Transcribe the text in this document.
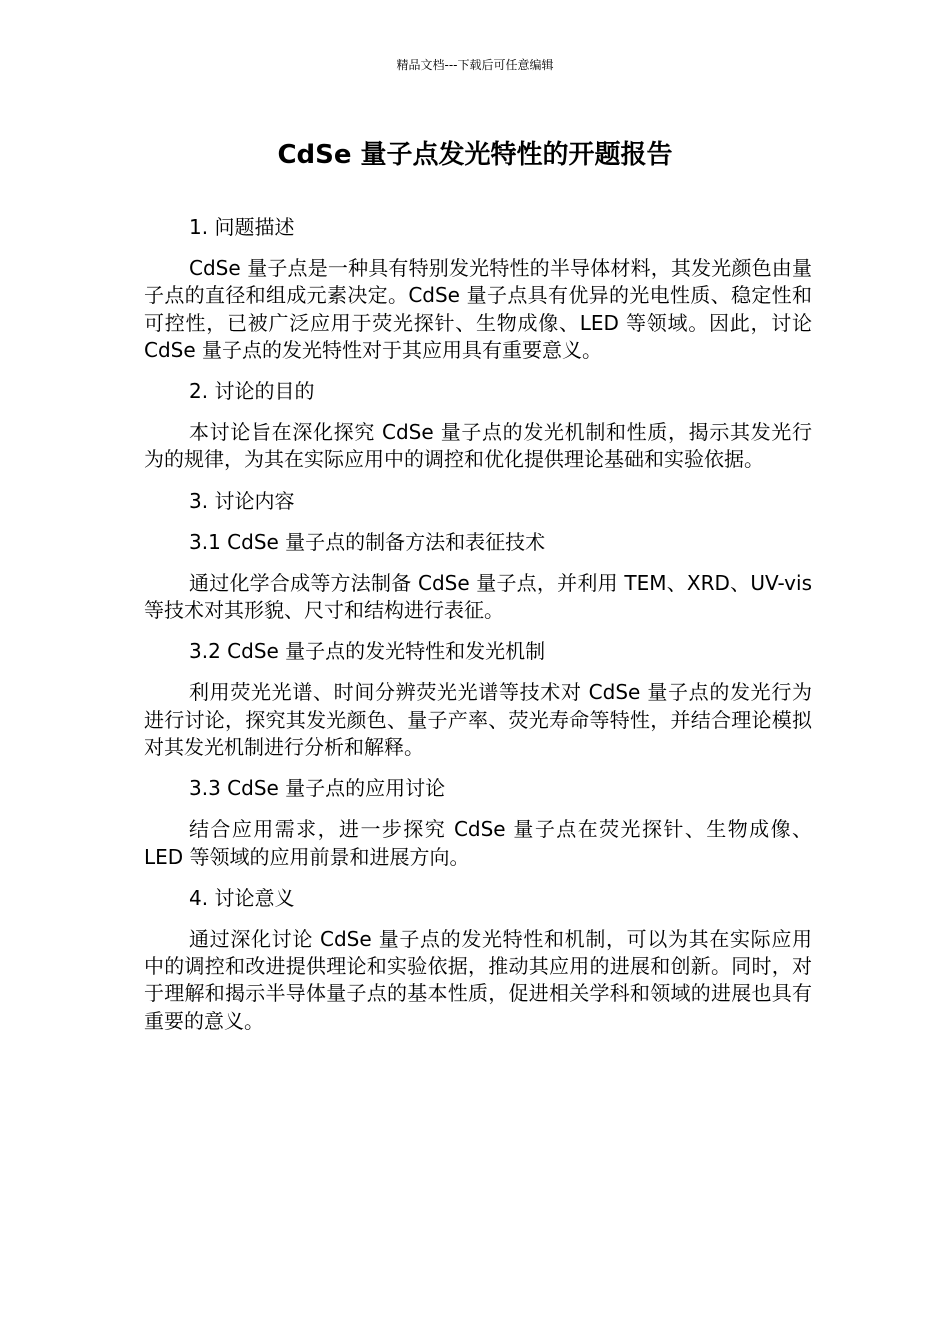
精品文档---下载后可任意编辑
CdSe 量子点发光特性的开题报告

1. 问题描述

CdSe 量子点是一种具有特别发光特性的半导体材料，其发光颜色由量子点的直径和组成元素决定。CdSe 量子点具有优异的光电性质、稳定性和可控性，已被广泛应用于荧光探针、生物成像、LED 等领域。因此，讨论 CdSe 量子点的发光特性对于其应用具有重要意义。

2. 讨论的目的

本讨论旨在深化探究 CdSe 量子点的发光机制和性质，揭示其发光行为的规律，为其在实际应用中的调控和优化提供理论基础和实验依据。

3. 讨论内容

3.1 CdSe 量子点的制备方法和表征技术

通过化学合成等方法制备 CdSe 量子点，并利用 TEM、XRD、UV-vis 等技术对其形貌、尺寸和结构进行表征。

3.2 CdSe 量子点的发光特性和发光机制

利用荧光光谱、时间分辨荧光光谱等技术对 CdSe 量子点的发光行为进行讨论，探究其发光颜色、量子产率、荧光寿命等特性，并结合理论模拟对其发光机制进行分析和解释。

3.3 CdSe 量子点的应用讨论

结合应用需求，进一步探究 CdSe 量子点在荧光探针、生物成像、LED 等领域的应用前景和进展方向。

4. 讨论意义

通过深化讨论 CdSe 量子点的发光特性和机制，可以为其在实际应用中的调控和改进提供理论和实验依据，推动其应用的进展和创新。同时，对于理解和揭示半导体量子点的基本性质，促进相关学科和领域的进展也具有重要的意义。
